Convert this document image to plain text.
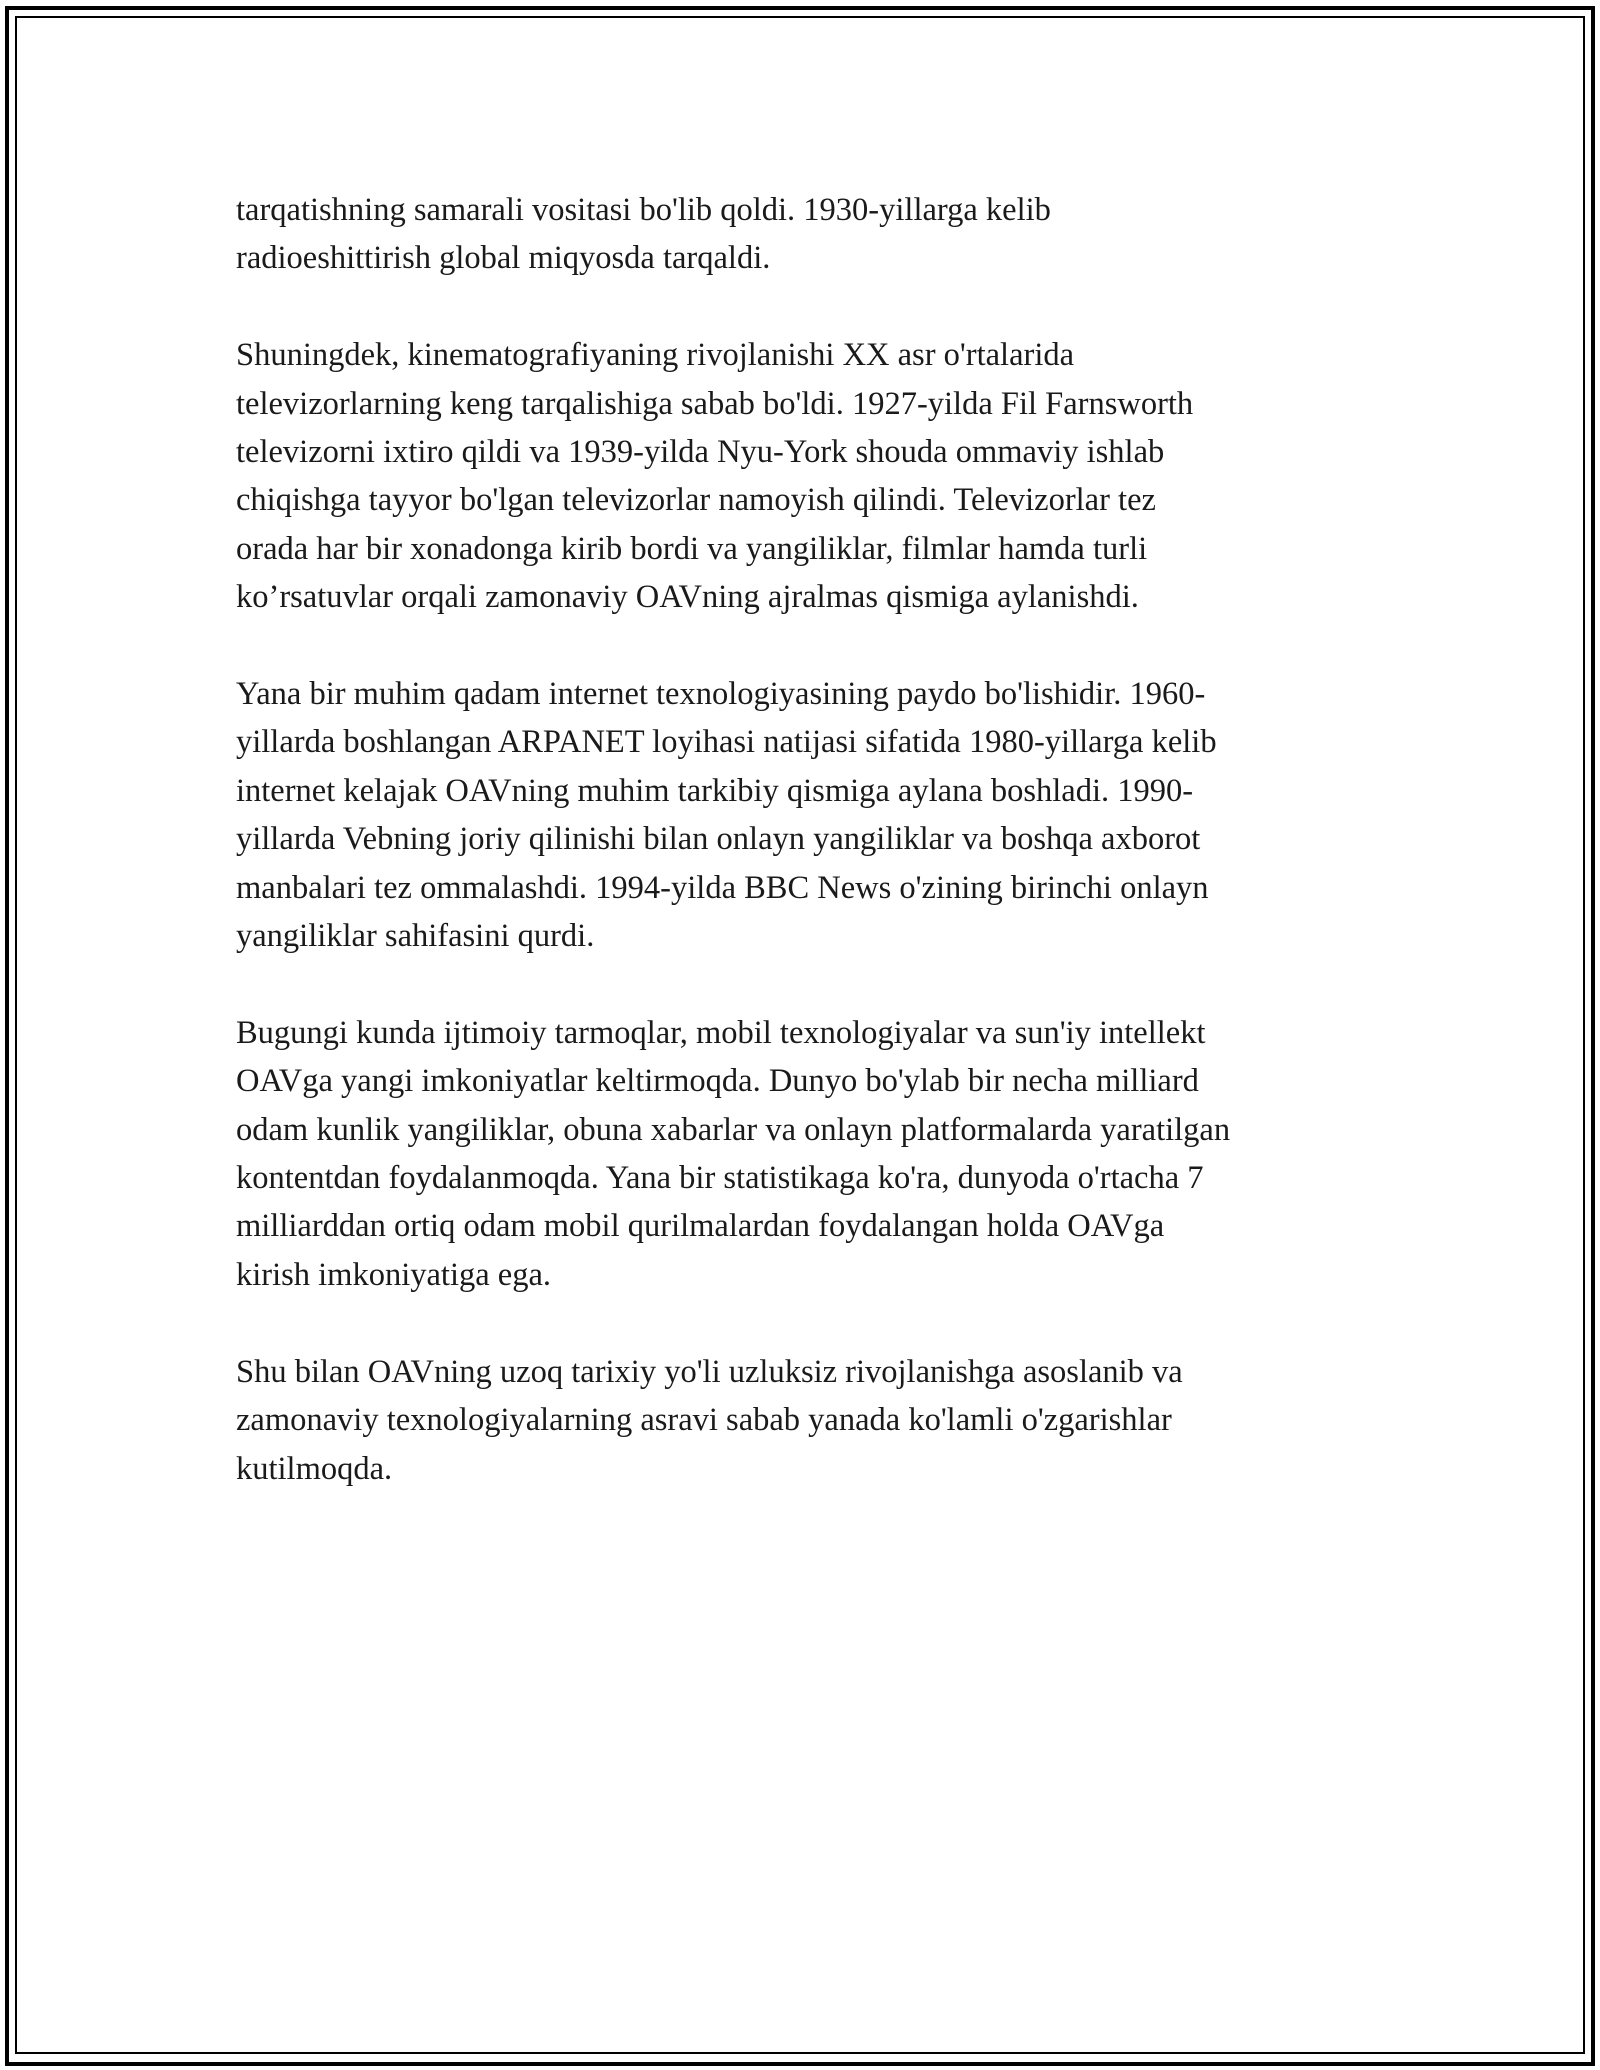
tarqatishning samarali vositasi bo'lib qoldi. 1930-yillarga kelib
radioeshittirish global miqyosda tarqaldi.

Shuningdek, kinematografiyaning rivojlanishi XX asr o'rtalarida
televizorlarning keng tarqalishiga sabab bo'ldi. 1927-yilda Fil Farnsworth
televizorni ixtiro qildi va 1939-yilda Nyu-York shouda ommaviy ishlab
chiqishga tayyor bo'lgan televizorlar namoyish qilindi. Televizorlar tez
orada har bir xonadonga kirib bordi va yangiliklar, filmlar hamda turli
ko’rsatuvlar orqali zamonaviy OAVning ajralmas qismiga aylanishdi.

Yana bir muhim qadam internet texnologiyasining paydo bo'lishidir. 1960-
yillarda boshlangan ARPANET loyihasi natijasi sifatida 1980-yillarga kelib
internet kelajak OAVning muhim tarkibiy qismiga aylana boshladi. 1990-
yillarda Vebning joriy qilinishi bilan onlayn yangiliklar va boshqa axborot
manbalari tez ommalashdi. 1994-yilda BBC News o'zining birinchi onlayn
yangiliklar sahifasini qurdi.

Bugungi kunda ijtimoiy tarmoqlar, mobil texnologiyalar va sun'iy intellekt
OAVga yangi imkoniyatlar keltirmoqda. Dunyo bo'ylab bir necha milliard
odam kunlik yangiliklar, obuna xabarlar va onlayn platformalarda yaratilgan
kontentdan foydalanmoqda. Yana bir statistikaga ko'ra, dunyoda o'rtacha 7
milliarddan ortiq odam mobil qurilmalardan foydalangan holda OAVga
kirish imkoniyatiga ega.

Shu bilan OAVning uzoq tarixiy yo'li uzluksiz rivojlanishga asoslanib va
zamonaviy texnologiyalarning asravi sabab yanada ko'lamli o'zgarishlar
kutilmoqda.
